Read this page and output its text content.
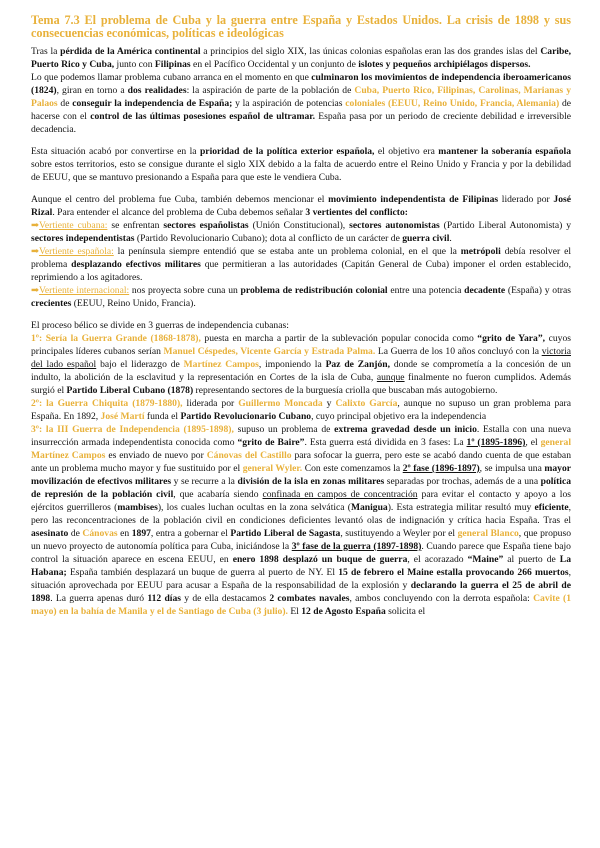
Tema 7.3 El problema de Cuba y la guerra entre España y Estados Unidos. La crisis de 1898 y sus consecuencias económicas, políticas e ideológicas

Tras la pérdida de la América continental a principios del siglo XIX, las únicas colonias españolas eran las dos grandes islas del Caribe, Puerto Rico y Cuba, junto con Filipinas en el Pacífico Occidental y un conjunto de islotes y pequeños archipiélagos dispersos.

Lo que podemos llamar problema cubano arranca en el momento en que culminaron los movimientos de independencia iberoamericanos (1824), giran en torno a dos realidades: la aspiración de parte de la población de Cuba, Puerto Rico, Filipinas, Carolinas, Marianas y Palaos de conseguir la independencia de España; y la aspiración de potencias coloniales (EEUU, Reino Unido, Francia, Alemania) de hacerse con el control de las últimas posesiones español de ultramar. España pasa por un periodo de creciente debilidad e irreversible decadencia.

Esta situación acabó por convertirse en la prioridad de la política exterior española, el objetivo era mantener la soberanía española sobre estos territorios, esto se consigue durante el siglo XIX debido a la falta de acuerdo entre el Reino Unido y Francia y por la debilidad de EEUU, que se mantuvo presionando a España para que este le vendiera Cuba.

Aunque el centro del problema fue Cuba, también debemos mencionar el movimiento independentista de Filipinas liderado por José Rizal. Para entender el alcance del problema de Cuba debemos señalar 3 vertientes del conflicto:

➡Vertiente cubana: se enfrentan sectores españolistas (Unión Constitucional), sectores autonomistas (Partido Liberal Autonomista) y sectores independentistas (Partido Revolucionario Cubano); dota al conflicto de un carácter de guerra civil.

➡Vertiente española: la península siempre entendió que se estaba ante un problema colonial, en el que la metrópoli debía resolver el problema desplazando efectivos militares que permitieran a las autoridades (Capitán General de Cuba) imponer el orden establecido, reprimiendo a los agitadores.

➡Vertiente internacional: nos proyecta sobre cuna un problema de redistribución colonial entre una potencia decadente (España) y otras crecientes (EEUU, Reino Unido, Francia).

El proceso bélico se divide en 3 guerras de independencia cubanas:

1º: Sería la Guerra Grande (1868-1878), puesta en marcha a partir de la sublevación popular conocida como “grito de Yara”, cuyos principales líderes cubanos serían Manuel Céspedes, Vicente García y Estrada Palma. La Guerra de los 10 años concluyó con la victoria del lado español bajo el liderazgo de Martínez Campos, imponiendo la Paz de Zanjón, donde se comprometía a la concesión de un indulto, la abolición de la esclavitud y la representación en Cortes de la isla de Cuba, aunque finalmente no fueron cumplidos. Además surgió el Partido Liberal Cubano (1878) representando sectores de la burguesía criolla que buscaban más autogobierno.

2º: la Guerra Chiquita (1879-1880), liderada por Guillermo Moncada y Calixto García, aunque no supuso un gran problema para España. En 1892, José Martí funda el Partido Revolucionario Cubano, cuyo principal objetivo era la independencia

3º: la III Guerra de Independencia (1895-1898), supuso un problema de extrema gravedad desde un inicio. Estalla con una nueva insurrección armada independentista conocida como “grito de Baire”. Esta guerra está dividida en 3 fases: La 1º (1895-1896), el general Martínez Campos es enviado de nuevo por Cánovas del Castillo para sofocar la guerra, pero este se acabó dando cuenta de que estaban ante un problema mucho mayor y fue sustituido por el general Wyler. Con este comenzamos la 2º fase (1896-1897), se impulsa una mayor movilización de efectivos militares y se recurre a la división de la isla en zonas militares separadas por trochas, además de a una política de represión de la población civil, que acabaría siendo confinada en campos de concentración para evitar el contacto y apoyo a los ejércitos guerrilleros (mambises), los cuales luchan ocultas en la zona selvática (Manigua). Esta estrategia militar resultó muy eficiente, pero las reconcentraciones de la población civil en condiciones deficientes levantó olas de indignación y crítica hacia España. Tras el asesinato de Cánovas en 1897, entra a gobernar el Partido Liberal de Sagasta, sustituyendo a Weyler por el general Blanco, que propuso un nuevo proyecto de autonomía política para Cuba, iniciándose la 3º fase de la guerra (1897-1898). Cuando parece que España tiene bajo control la situación aparece en escena EEUU, en enero 1898 desplazó un buque de guerra, el acorazado “Maine” al puerto de La Habana; España también desplazará un buque de guerra al puerto de NY. El 15 de febrero el Maine estalla provocando 266 muertos, situación aprovechada por EEUU para acusar a España de la responsabilidad de la explosión y declarando la guerra el 25 de abril de 1898. La guerra apenas duró 112 días y de ella destacamos 2 combates navales, ambos concluyendo con la derrota española: Cavite (1 mayo) en la bahía de Manila y el de Santiago de Cuba (3 julio). El 12 de Agosto España solicita el
